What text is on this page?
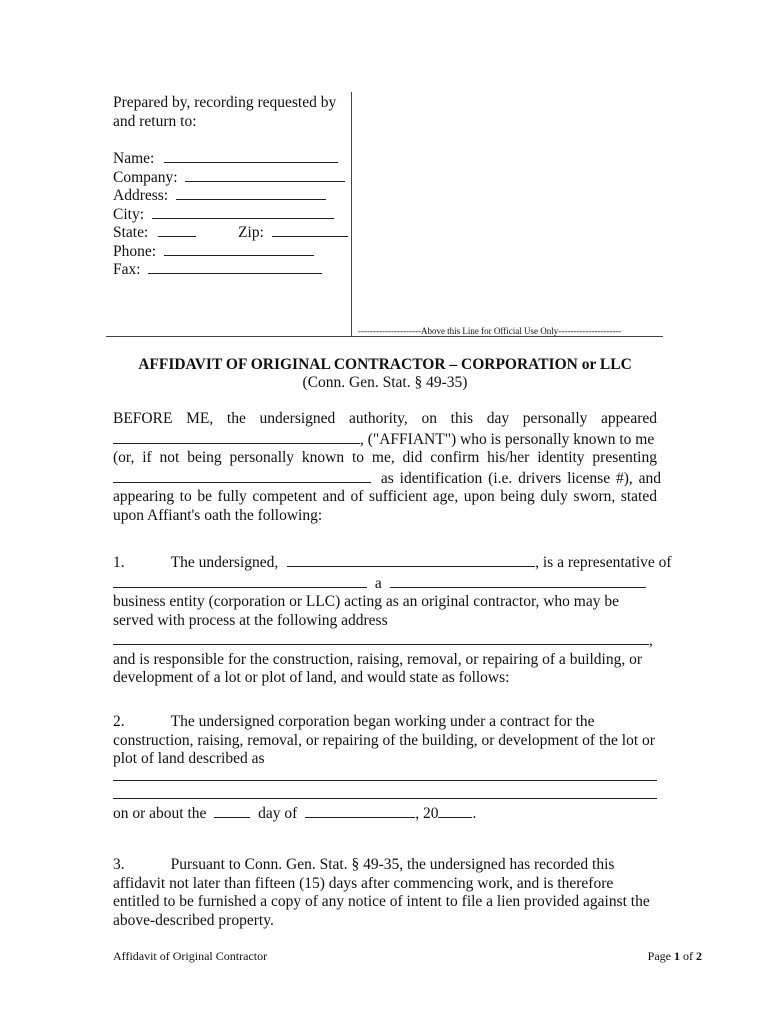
Prepared by, recording requested by and return to:
Name:
Company:
Address:
City:
State:	Zip:
Phone:
Fax:
---------------------Above this Line for Official Use Only---------------------
AFFIDAVIT OF ORIGINAL CONTRACTOR – CORPORATION or LLC
(Conn. Gen. Stat. § 49-35)
BEFORE ME, the undersigned authority, on this day personally appeared
, ("AFFIANT") who is personally known to me
(or, if not being personally known to me, did confirm his/her identity presenting
as identification (i.e. drivers license #), and
appearing to be fully competent and of sufficient age, upon being duly sworn, stated upon Affiant's oath the following:
1.	The undersigned,	, is a representative of
a
business entity (corporation or LLC) acting as an original contractor, who may be served with process at the following address
,
and is responsible for the construction, raising, removal, or repairing of a building, or development of a lot or plot of land, and would state as follows:
2.	The undersigned corporation began working under a contract for the construction, raising, removal, or repairing of the building, or development of the lot or plot of land described as
on or about the	day of	, 20 .
3.	Pursuant to Conn. Gen. Stat. § 49-35, the undersigned has recorded this affidavit not later than fifteen (15) days after commencing work, and is therefore entitled to be furnished a copy of any notice of intent to file a lien provided against the above-described property.
Affidavit of Original Contractor	Page 1 of 2
